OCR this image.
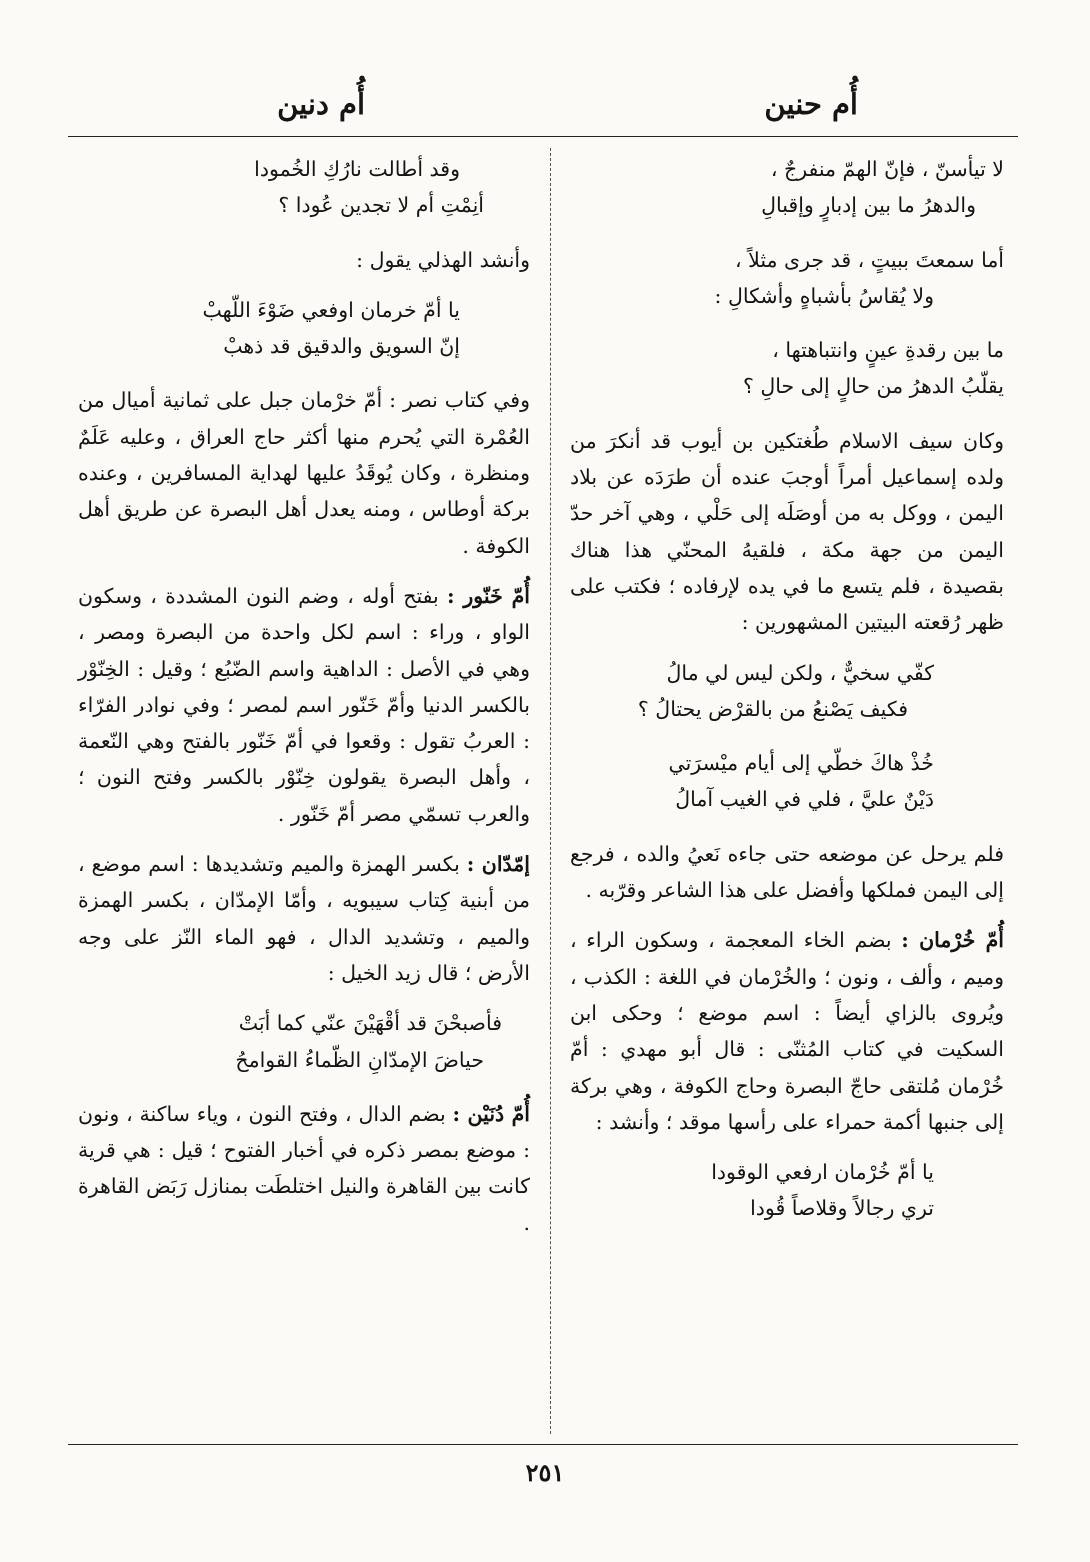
أُم حنين
أُم دنين
لا تيأسنّ ، فإنّ الهمّ منفرجٌ ،
والدهرُ ما بين إدبارٍ وإقبالِ
أما سمعتَ ببيتٍ ، قد جرى مثلاً ،
ولا يُقاسُ بأشباهٍ وأشكالِ :
ما بين رقدةِ عينٍ وانتباهتها ،
يقلّبُ الدهرُ من حالٍ إلى حالِ ؟

وكان سيف الاسلام طُغتكين بن أيوب قد أنكرَ من ولده إسماعيل أمراً أوجبَ عنده أن طرَدَه عن بلاد اليمن ، ووكل به من أوصَلَه إلى حَلْي ، وهي آخر حدّ اليمن من جهة مكة ، فلقيهُ المحنّي هذا هناك بقصيدة ، فلم يتسع ما في يده لإرفاده ؛ فكتب على ظهر رُقعته البيتين المشهورين :

كفّي سخيٌّ ، ولكن ليس لي مالُ
فكيف يَصْنعُ من بالقرْض يحتالُ ؟
خُذْ هاكَ خطّي إلى أيام ميْسرَتي
دَيْنٌ عليَّ ، فلي في الغيب آمالُ

فلم يرحل عن موضعه حتى جاءه نَعيُ والده ، فرجع إلى اليمن فملكها وأفضل على هذا الشاعر وقرّبه .

أُمّ خُرْمان : بضم الخاء المعجمة ، وسكون الراء ، وميم ، وألف ، ونون ؛ والخُرْمان في اللغة : الكذب ، ويُروى بالزاي أيضاً : اسم موضع ؛ وحكى ابن السكيت في كتاب المُثنّى : قال أبو مهدي : أمّ خُرْمان مُلتقى حاجّ البصرة وحاج الكوفة ، وهي بركة إلى جنبها أكمة حمراء على رأسها موقد ؛ وأنشد :

يا أمّ خُرْمان ارفعي الوقودا
تري رجالاً وقلاصاً قُودا
وقد أطالت نارُكِ الخُمودا
أنِمْتِ أم لا تجدين عُودا ؟

وأنشد الهذلي يقول :

يا أمّ خرمان اوفعي ضَوْءَ اللّهبْ
إنّ السويق والدقيق قد ذهبْ

وفي كتاب نصر : أمّ خرْمان جبل على ثمانية أميال من العُمْرة التي يُحرم منها أكثر حاج العراق ، وعليه عَلَمٌ ومنظرة ، وكان يُوقَدُ عليها لهداية المسافرين ، وعنده بركة أوطاس ، ومنه يعدل أهل البصرة عن طريق أهل الكوفة .

أُمّ خَنّور : بفتح أوله ، وضم النون المشددة ، وسكون الواو ، وراء : اسم لكل واحدة من البصرة ومصر ، وهي في الأصل : الداهية واسم الضّبُع ؛ وقيل : الخِنّوْر بالكسر الدنيا وأمّ خَنّور اسم لمصر ؛ وفي نوادر الفرّاء : العربُ تقول : وقعوا في أمّ خَنّور بالفتح وهي النّعمة ، وأهل البصرة يقولون خِنّوْر بالكسر وفتح النون ؛ والعرب تسمّي مصر أمّ خَنّور .

إمّدّان : بكسر الهمزة والميم وتشديدها : اسم موضع ، من أبنية كِتاب سيبويه ، وأمّا الإمدّان ، بكسر الهمزة والميم ، وتشديد الدال ، فهو الماء النّز على وجه الأرض ؛ قال زيد الخيل :

فأصبحْنَ قد أقْهَيْنَ عنّي كما أبَتْ
حياضَ الإمدّانِ الظّماءُ القوامحُ

أُمّ دُنَيْن : بضم الدال ، وفتح النون ، وياء ساكنة ، ونون : موضع بمصر ذكره في أخبار الفتوح ؛ قيل : هي قرية كانت بين القاهرة والنيل اختلطَت بمنازل رَبَض القاهرة .

٢٥١
